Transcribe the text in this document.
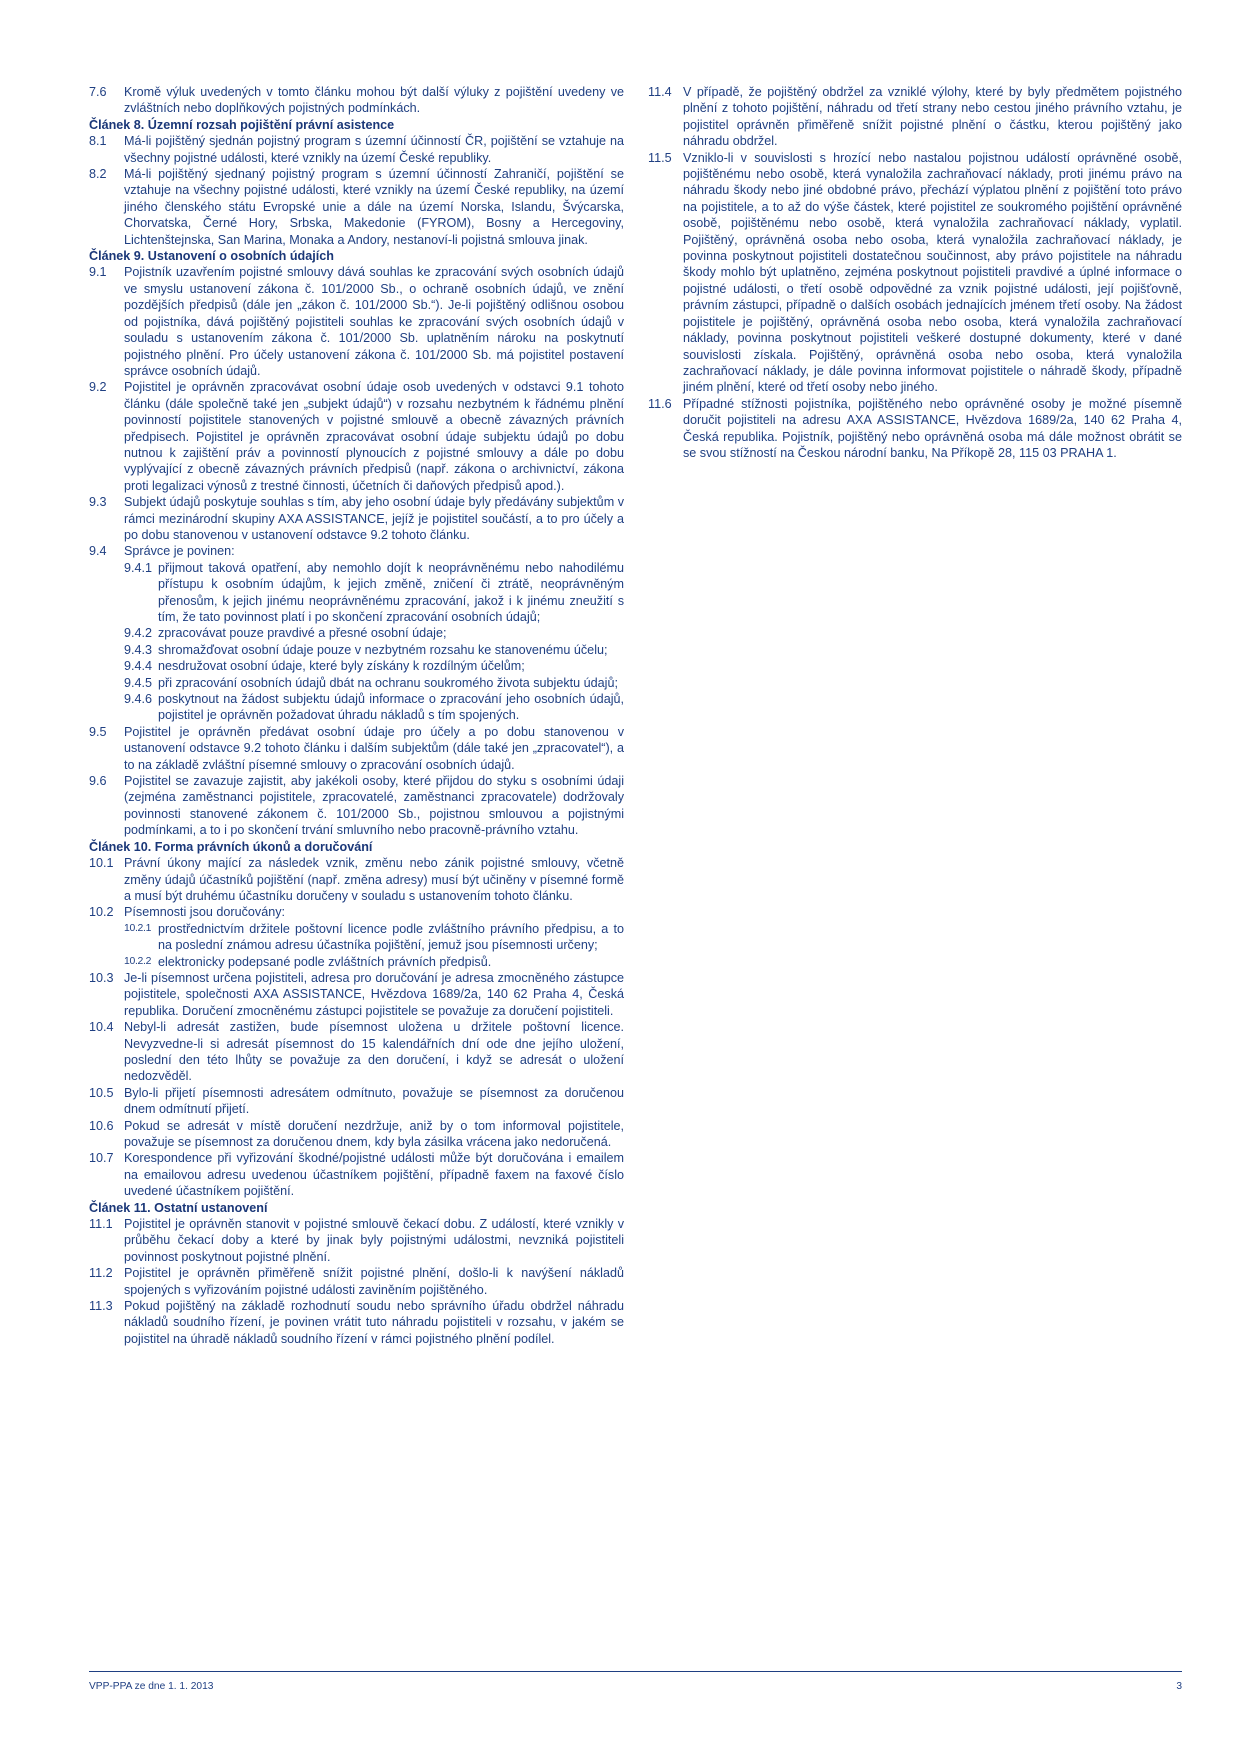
7.6	Kromě výluk uvedených v tomto článku mohou být další výluky z pojištění uvedeny ve zvláštních nebo doplňkových pojistných podmínkách.
Článek 8. Územní rozsah pojištění právní asistence
8.1	Má-li pojištěný sjednán pojistný program s územní účinností ČR, pojištění se vztahuje na všechny pojistné události, které vznikly na území České republiky.
8.2	Má-li pojištěný sjednaný pojistný program s územní účinností Zahraničí, pojištění se vztahuje na všechny pojistné události, které vznikly na území České republiky, na území jiného členského státu Evropské unie a dále na území Norska, Islandu, Švýcarska, Chorvatska, Černé Hory, Srbska, Makedonie (FYROM), Bosny a Hercegoviny, Lichtenštejnska, San Marina, Monaka a Andory, nestanoví-li pojistná smlouva jinak.
Článek 9. Ustanovení o osobních údajích
9.1	Pojistník uzavřením pojistné smlouvy dává souhlas ke zpracování svých osobních údajů ve smyslu ustanovení zákona č. 101/2000 Sb., o ochraně osobních údajů, ve znění pozdějších předpisů (dále jen „zákon č. 101/2000 Sb.“). Je-li pojištěný odlišnou osobou od pojistníka, dává pojištěný pojistiteli souhlas ke zpracování svých osobních údajů v souladu s ustanovením zákona č. 101/2000 Sb. uplatněním nároku na poskytnutí pojistného plnění. Pro účely ustanovení zákona č. 101/2000 Sb. má pojistitel postavení správce osobních údajů.
9.2	Pojistitel je oprávněn zpracovávat osobní údaje osob uvedených v odstavci 9.1 tohoto článku (dále společně také jen „subjekt údajů“) v rozsahu nezbytném k řádnému plnění povinností pojistitele stanovených v pojistné smlouvě a obecně závazných právních předpisech. Pojistitel je oprávněn zpracovávat osobní údaje subjektu údajů po dobu nutnou k zajištění práv a povinností plynoucích z pojistné smlouvy a dále po dobu vyplývající z obecně závazných právních předpisů (např. zákona o archivnictví, zákona proti legalizaci výnosů z trestné činnosti, účetních či daňových předpisů apod.).
9.3	Subjekt údajů poskytuje souhlas s tím, aby jeho osobní údaje byly předávány subjektům v rámci mezinárodní skupiny AXA ASSISTANCE, jejíž je pojistitel součástí, a to pro účely a po dobu stanovenou v ustanovení odstavce 9.2 tohoto článku.
9.4	Správce je povinen:
9.4.1 přijmout taková opatření, aby nemohlo dojít k neoprávněnému nebo nahodilému přístupu k osobním údajům, k jejich změně, zničení či ztrátě, neoprávněným přenosům, k jejich jinému neoprávněnému zpracování, jakož i k jinému zneužití s tím, že tato povinnost platí i po skončení zpracování osobních údajů;
9.4.2 zpracovávat pouze pravdivé a přesné osobní údaje;
9.4.3 shromažďovat osobní údaje pouze v nezbytném rozsahu ke stanovenému účelu;
9.4.4 nesdružovat osobní údaje, které byly získány k rozdílným účelům;
9.4.5 při zpracování osobních údajů dbát na ochranu soukromého života subjektu údajů;
9.4.6 poskytnout na žádost subjektu údajů informace o zpracování jeho osobních údajů, pojistitel je oprávněn požadovat úhradu nákladů s tím spojených.
9.5	Pojistitel je oprávněn předávat osobní údaje pro účely a po dobu stanovenou v ustanovení odstavce 9.2 tohoto článku i dalším subjektům (dále také jen „zpracovatel“), a to na základě zvláštní písemné smlouvy o zpracování osobních údajů.
9.6	Pojistitel se zavazuje zajistit, aby jakékoli osoby, které přijdou do styku s osobními údaji (zejména zaměstnanci pojistitele, zpracovatelé, zaměstnanci zpracovatele) dodržovaly povinnosti stanovené zákonem č. 101/2000 Sb., pojistnou smlouvou a pojistnými podmínkami, a to i po skončení trvání smluvního nebo pracovně-právního vztahu.
Článek 10. Forma právních úkonů a doručování
10.1 Právní úkony mající za následek vznik, změnu nebo zánik pojistné smlouvy, včetně změny údajů účastníků pojištění (např. změna adresy) musí být učiněny v písemné formě a musí být druhému účastníku doručeny v souladu s ustanovením tohoto článku.
10.2 Písemnosti jsou doručovány:
10.2.1 prostřednictvím držitele poštovní licence podle zvláštního právního předpisu, a to na poslední známou adresu účastníka pojištění, jemuž jsou písemnosti určeny;
10.2.2 elektronicky podepsané podle zvláštních právních předpisů.
10.3 Je-li písemnost určena pojistiteli, adresa pro doručování je adresa zmocněného zástupce pojistitele, společnosti AXA ASSISTANCE, Hvězdova 1689/2a, 140 62 Praha 4, Česká republika. Doručení zmocněnému zástupci pojistitele se považuje za doručení pojistiteli.
10.4 Nebyl-li adresát zastižen, bude písemnost uložena u držitele poštovní licence. Nevyzvedne-li si adresát písemnost do 15 kalendářních dní ode dne jejího uložení, poslední den této lhůty se považuje za den doručení, i když se adresát o uložení nedozvěděl.
10.5 Bylo-li přijetí písemnosti adresátem odmítnuto, považuje se písemnost za doručenou dnem odmítnutí přijetí.
10.6 Pokud se adresát v místě doručení nezdržuje, aniž by o tom informoval pojistitele, považuje se písemnost za doručenou dnem, kdy byla zásilka vrácena jako nedoručená.
10.7 Korespondence při vyřizování škodné/pojistné události může být doručována i emailem na emailovou adresu uvedenou účastníkem pojištění, případně faxem na faxové číslo uvedené účastníkem pojištění.
Článek 11. Ostatní ustanovení
11.1 Pojistitel je oprávněn stanovit v pojistné smlouvě čekací dobu. Z událostí, které vznikly v průběhu čekací doby a které by jinak byly pojistnými událostmi, nevzniká pojistiteli povinnost poskytnout pojistné plnění.
11.2 Pojistitel je oprávněn přiměřeně snížit pojistné plnění, došlo-li k navýšení nákladů spojených s vyřizováním pojistné události zaviněním pojištěného.
11.3 Pokud pojištěný na základě rozhodnutí soudu nebo správního úřadu obdržel náhradu nákladů soudního řízení, je povinen vrátit tuto náhradu pojistiteli v rozsahu, v jakém se pojistitel na úhradě nákladů soudního řízení v rámci pojistného plnění podílel.
11.4 V případě, že pojištěný obdržel za vzniklé výlohy, které by byly předmětem pojistného plnění z tohoto pojištění, náhradu od třetí strany nebo cestou jiného právního vztahu, je pojistitel oprávněn přiměřeně snížit pojistné plnění o částku, kterou pojištěný jako náhradu obdržel.
11.5 Vzniklo-li v souvislosti s hrozící nebo nastalou pojistnou událostí oprávněné osobě, pojištěnému nebo osobě, která vynaložila zachraňovací náklady, proti jinému právo na náhradu škody nebo jiné obdobné právo, přechází výplatou plnění z pojištění toto právo na pojistitele, a to až do výše částek, které pojistitel ze soukromého pojištění oprávněné osobě, pojištěnému nebo osobě, která vynaložila zachraňovací náklady, vyplatil. Pojištěný, oprávněná osoba nebo osoba, která vynaložila zachraňovací náklady, je povinna poskytnout pojistiteli dostatečnou součinnost, aby právo pojistitele na náhradu škody mohlo být uplatněno, zejména poskytnout pojistiteli pravdivé a úplné informace o pojistné události, o třetí osobě odpovědné za vznik pojistné události, její pojišťovně, právním zástupci, případně o dalších osobách jednajících jménem třetí osoby. Na žádost pojistitele je pojištěný, oprávněná osoba nebo osoba, která vynaložila zachraňovací náklady, povinna poskytnout pojistiteli veškeré dostupné dokumenty, které v dané souvislosti získala. Pojištěný, oprávněná osoba nebo osoba, která vynaložila zachraňovací náklady, je dále povinna informovat pojistitele o náhradě škody, případně jiném plnění, které od třetí osoby nebo jiného.
11.6 Případné stížnosti pojistníka, pojištěného nebo oprávněné osoby je možné písemně doručit pojistiteli na adresu AXA ASSISTANCE, Hvězdova 1689/2a, 140 62 Praha 4, Česká republika. Pojistník, pojištěný nebo oprávněná osoba má dále možnost obrátit se se svou stížností na Českou národní banku, Na Příkopě 28, 115 03 PRAHA 1.
VPP-PPA ze dne 1. 1. 2013	3
